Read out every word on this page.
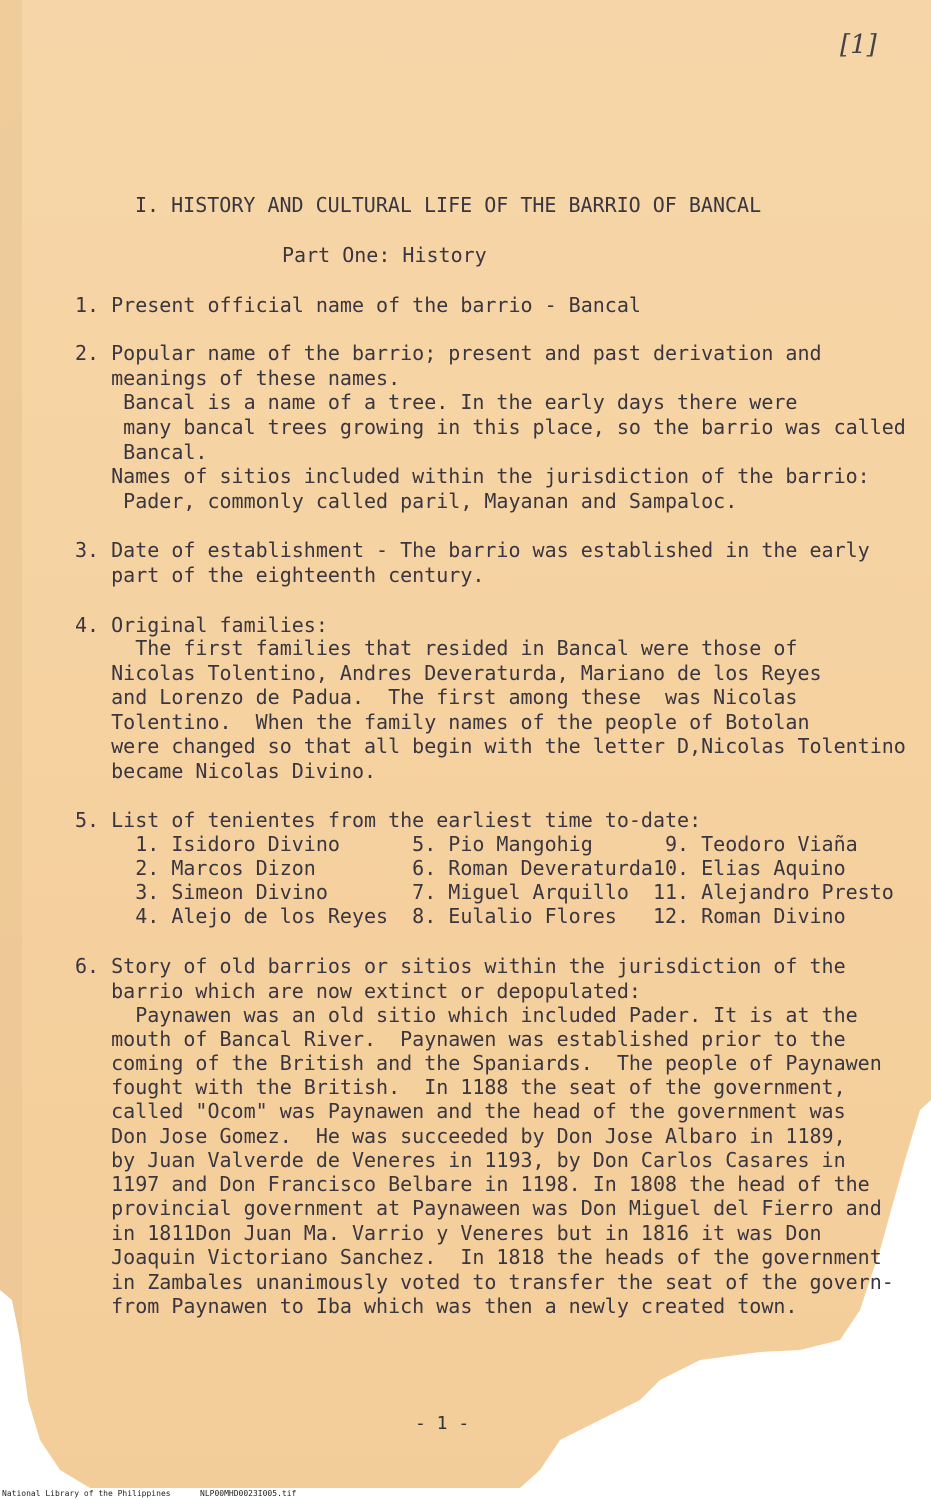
[1]

I. HISTORY AND CULTURAL LIFE OF THE BARRIO OF BANCAL

Part One: History

1. Present official name of the barrio - Bancal

2. Popular name of the barrio; present and past derivation and

meanings of these names.

Bancal is a name of a tree. In the early days there were

many bancal trees growing in this place, so the barrio was called

Bancal.

Names of sitios included within the jurisdiction of the barrio:

Pader, commonly called paril, Mayanan and Sampaloc.

3. Date of establishment - The barrio was established in the early

part of the eighteenth century.

4. Original families:

The first families that resided in Bancal were those of

Nicolas Tolentino, Andres Deveraturda, Mariano de los Reyes

and Lorenzo de Padua.  The first among these  was Nicolas

Tolentino.  When the family names of the people of Botolan

were changed so that all begin with the letter D,Nicolas Tolentino

became Nicolas Divino.

5. List of tenientes from the earliest time to-date:

1. Isidoro Divino      5. Pio Mangohig      9. Teodoro Viaña

2. Marcos Dizon        6. Roman Deveraturda10. Elias Aquino

3. Simeon Divino       7. Miguel Arquillo  11. Alejandro Presto

4. Alejo de los Reyes  8. Eulalio Flores   12. Roman Divino

6. Story of old barrios or sitios within the jurisdiction of the

barrio which are now extinct or depopulated:

Paynawen was an old sitio which included Pader. It is at the

mouth of Bancal River.  Paynawen was established prior to the

coming of the British and the Spaniards.  The people of Paynawen

fought with the British.  In 1188 the seat of the government,

called "Ocom" was Paynawen and the head of the government was

Don Jose Gomez.  He was succeeded by Don Jose Albaro in 1189,

by Juan Valverde de Veneres in 1193, by Don Carlos Casares in

1197 and Don Francisco Belbare in 1198. In 1808 the head of the

provincial government at Paynaween was Don Miguel del Fierro and

in 1811Don Juan Ma. Varrio y Veneres but in 1816 it was Don

Joaquin Victoriano Sanchez.  In 1818 the heads of the government

in Zambales unanimously voted to transfer the seat of the govern-

from Paynawen to Iba which was then a newly created town.

- 1 -
National Library of the Philippines	NLP00MHD0023I005.tif
